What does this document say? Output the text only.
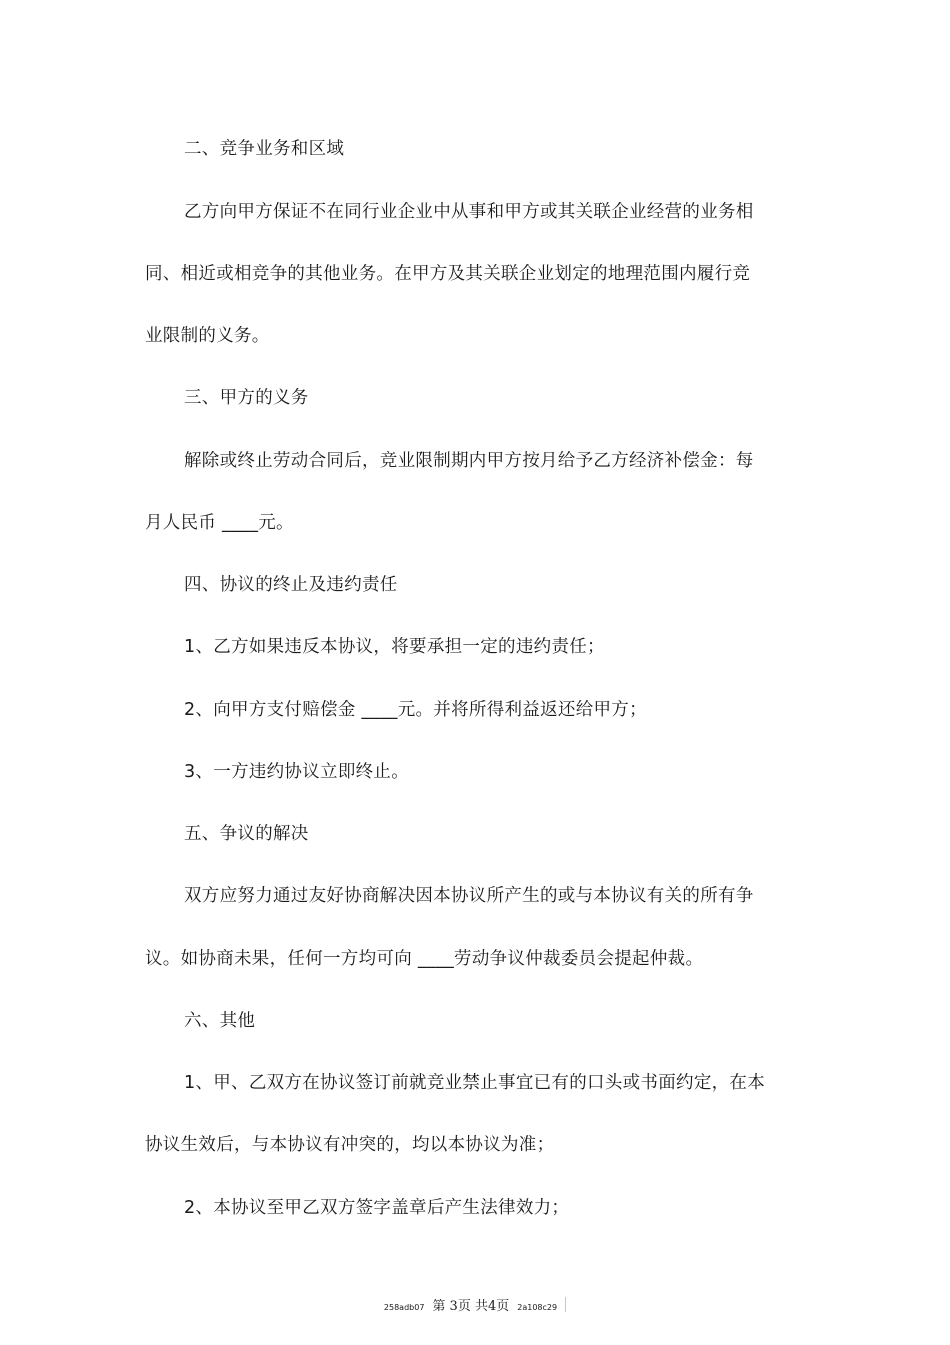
二、竞争业务和区域

乙方向甲方保证不在同行业企业中从事和甲方或其关联企业经营的业务相

同、相近或相竞争的其他业务。在甲方及其关联企业划定的地理范围内履行竞

业限制的义务。

三、甲方的义务

解除或终止劳动合同后，竞业限制期内甲方按月给予乙方经济补偿金：每

月人民币 ____元。

四、协议的终止及违约责任

1、乙方如果违反本协议，将要承担一定的违约责任；

2、向甲方支付赔偿金 ____元。并将所得利益返还给甲方；

3、一方违约协议立即终止。

五、争议的解决

双方应努力通过友好协商解决因本协议所产生的或与本协议有关的所有争

议。如协商未果，任何一方均可向 ____劳动争议仲裁委员会提起仲裁。

六、其他

1、甲、乙双方在协议签订前就竞业禁止事宜已有的口头或书面约定，在本

协议生效后，与本协议有冲突的，均以本协议为准；

2、本协议至甲乙双方签字盖章后产生法律效力；

258adb07 第 3页 共4页 2a108c29
